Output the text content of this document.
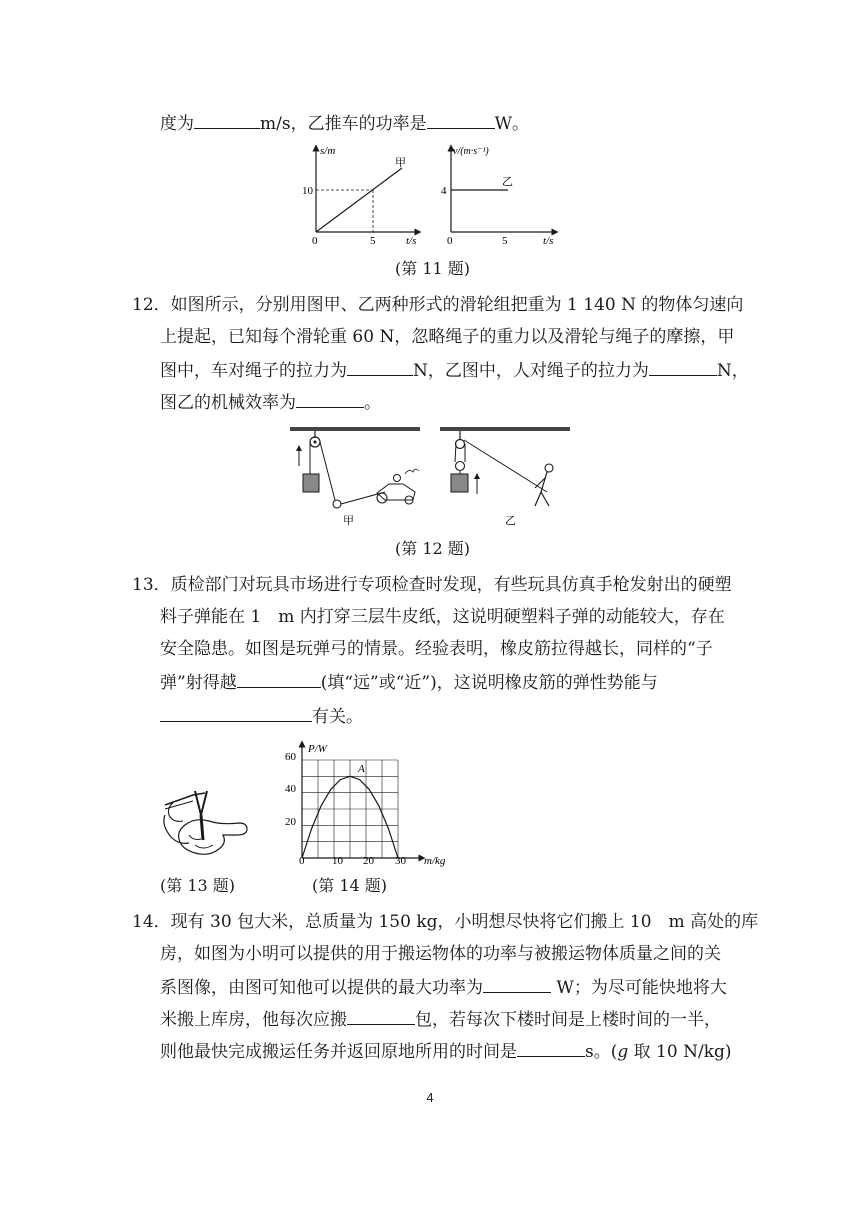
度为	m/s，乙推车的功率是	W。
s/m
甲
10
0	5	t/s
v/(m·s⁻¹)
乙
4
0	5	t/s
(第 11 题)
12．如图所示，分别用图甲、乙两种形式的滑轮组把重为 1 140 N 的物体匀速向
上提起，已知每个滑轮重 60 N，忽略绳子的重力以及滑轮与绳子的摩擦，甲
图中，车对绳子的拉力为	N，乙图中，人对绳子的拉力为	N，
图乙的机械效率为	。
甲	乙
(第 12 题)
13．质检部门对玩具市场进行专项检查时发现，有些玩具仿真手枪发射出的硬塑
料子弹能在 1　m 内打穿三层牛皮纸，这说明硬塑料子弹的动能较大，存在
安全隐患。如图是玩弹弓的情景。经验表明，橡皮筋拉得越长，同样的“子
弹”射得越	(填“远”或“近”)，这说明橡皮筋的弹性势能与
有关。
P/W
m/kg
A
20
40
60
0	10 20 30
(第 13 题)	(第 14 题)
14．现有 30 包大米，总质量为 150 kg，小明想尽快将它们搬上 10　m 高处的库
房，如图为小明可以提供的用于搬运物体的功率与被搬运物体质量之间的关
系图像，由图可知他可以提供的最大功率为	W；为尽可能快地将大
米搬上库房，他每次应搬	包，若每次下楼时间是上楼时间的一半，
则他最快完成搬运任务并返回原地所用的时间是	s。(g 取 10 N/kg)
4
